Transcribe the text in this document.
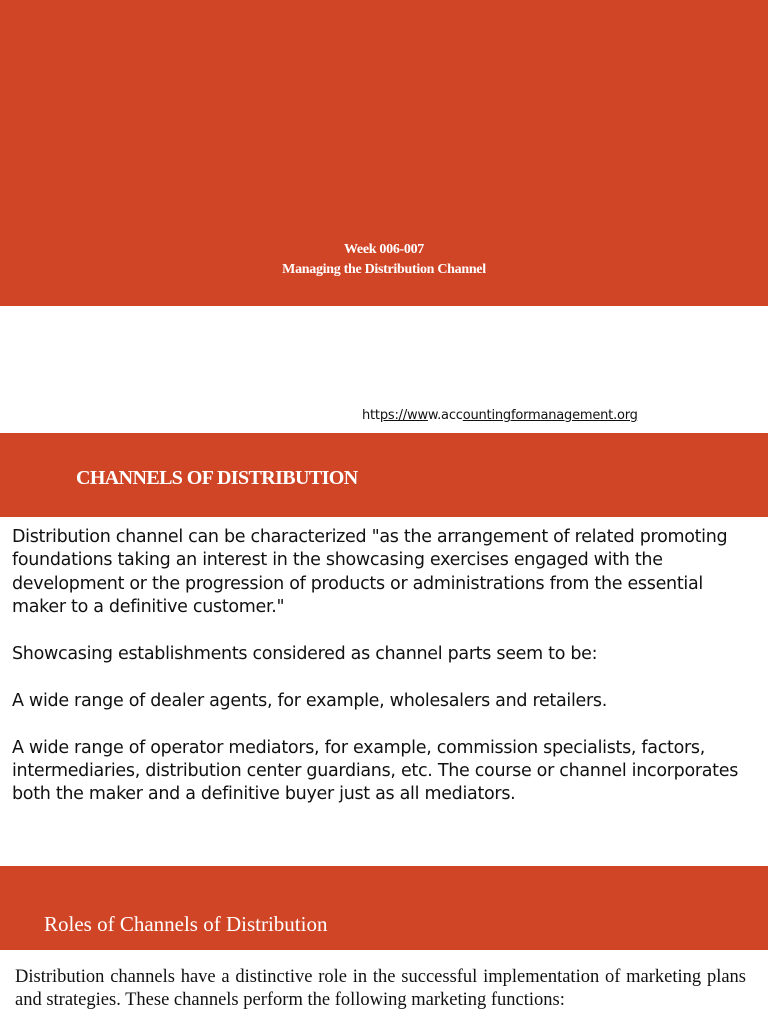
Week 006-007
Managing the Distribution Channel
https://www.accountingformanagement.org
CHANNELS OF DISTRIBUTION

Distribution channel can be characterized "as the arrangement of related promoting foundations taking an interest in the showcasing exercises engaged with the development or the progression of products or administrations from the essential maker to a definitive customer."

Showcasing establishments considered as channel parts seem to be:

A wide range of dealer agents, for example, wholesalers and retailers.

A wide range of operator mediators, for example, commission specialists, factors, intermediaries, distribution center guardians, etc. The course or channel incorporates both the maker and a definitive buyer just as all mediators.

Roles of Channels of Distribution

Distribution channels have a distinctive role in the successful implementation of marketing plans and strategies. These channels perform the following marketing functions:
